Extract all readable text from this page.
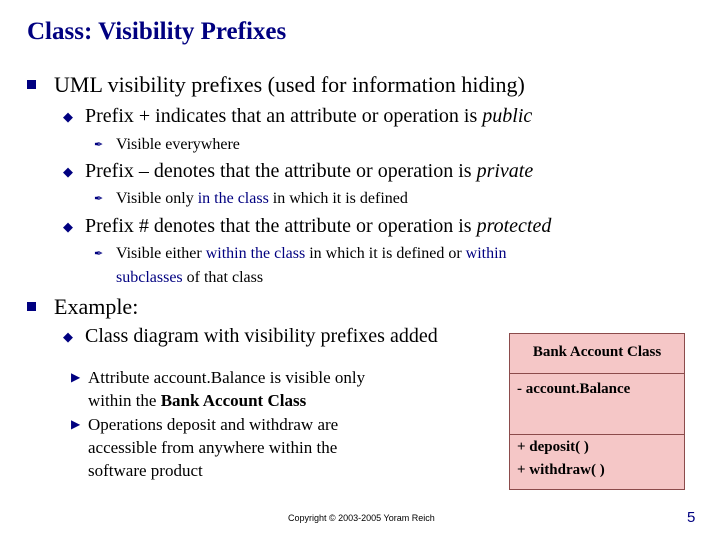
Class: Visibility Prefixes
UML visibility prefixes (used for information hiding)
◆ Prefix + indicates that an attribute or operation is public
✒ Visible everywhere
◆ Prefix – denotes that the attribute or operation is private
✒ Visible only in the class in which it is defined
◆ Prefix # denotes that the attribute or operation is protected
✒ Visible either within the class in which it is defined or within
subclasses of that class
Example:
◆ Class diagram with visibility prefixes added
▶ Attribute account.Balance is visible only
within the Bank Account Class
▶ Operations deposit and withdraw are
accessible from anywhere within the
software product
Bank Account Class
- account.Balance
+ deposit( )
+ withdraw( )
Copyright © 2003-2005 Yoram Reich	5
